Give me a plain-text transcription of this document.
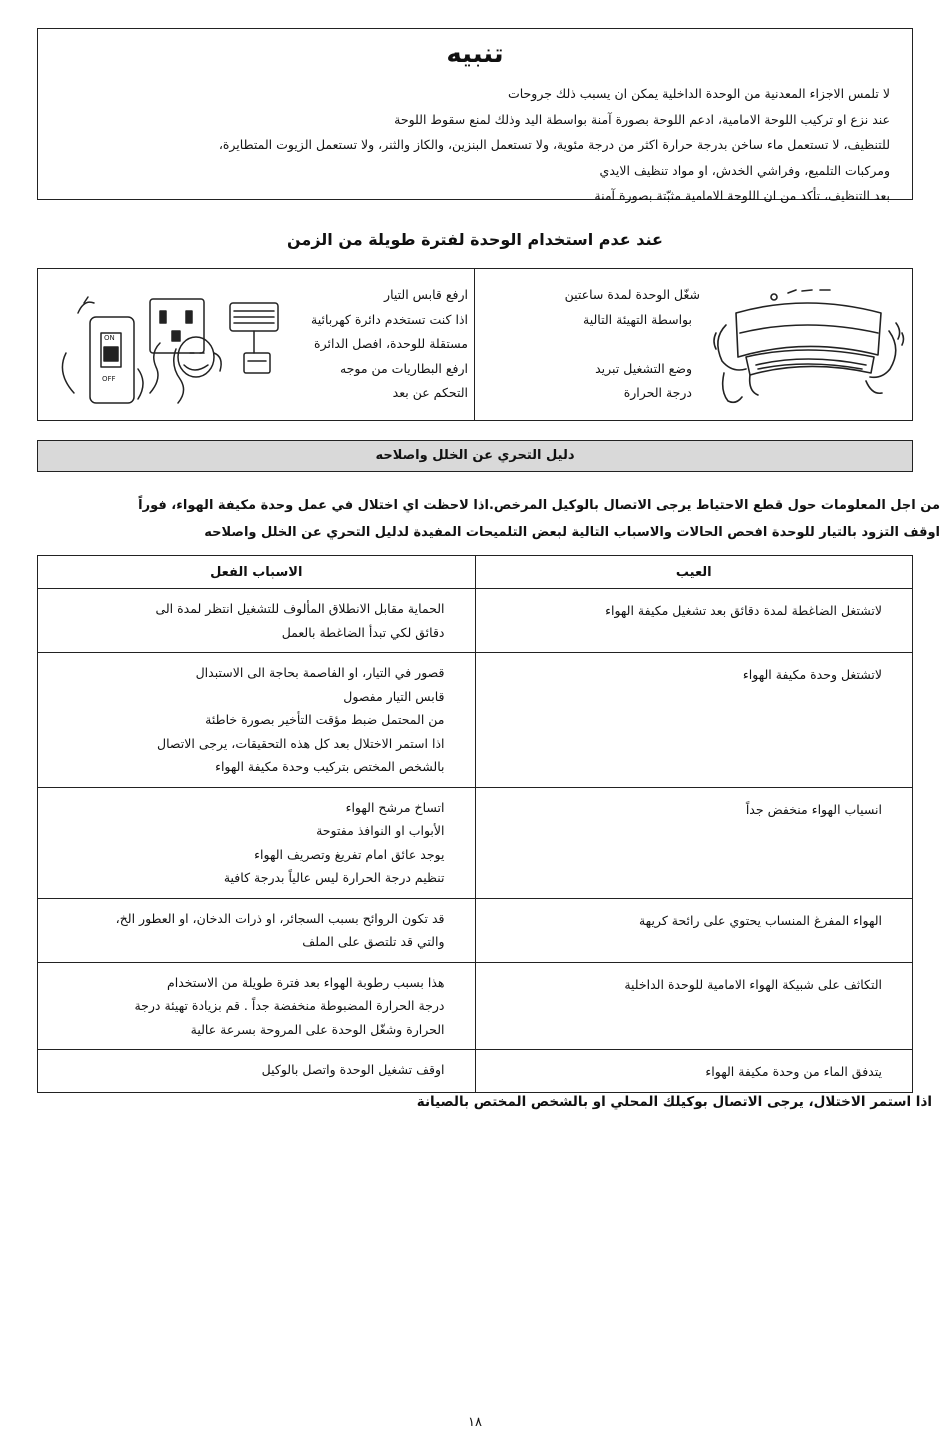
تنبيه
لا تلمس الاجزاء المعدنية من الوحدة الداخلية يمكن ان يسبب ذلك جروحات
عند نزع او تركيب اللوحة الامامية، ادعم اللوحة بصورة آمنة بواسطة اليد وذلك لمنع سقوط اللوحة
للتنظيف، لا تستعمل ماء ساخن بدرجة حرارة اكثر من درجة مئوية، ولا تستعمل البنزين، والكاز والثنر، ولا تستعمل الزيوت المتطايرة،
ومركبات التلميع، وفراشي الخدش، او مواد تنظيف الايدي
بعد التنظيف، تأكد من ان اللوحة الامامية مثبّتة بصورة آمنة
عند عدم استخدام الوحدة لفترة طويلة من الزمن
شغّل الوحدة لمدة ساعتين
بواسطة التهيئة التالية
وضع التشغيل تبريد
درجة الحرارة
ON
OFF
ارفع قابس التيار
اذا كنت تستخدم دائرة كهربائية
مستقلة للوحدة، افصل الدائرة
ارفع البطاريات من موجه
التحكم عن بعد
دليل التحري عن الخلل واصلاحه
من اجل المعلومات حول قطع الاحتياط يرجى الاتصال بالوكيل المرخص.اذا لاحظت اي اختلال في عمل وحدة مكيفة الهواء، فوراً
اوقف التزود بالتيار للوحدة افحص الحالات والاسباب التالية لبعض التلميحات المفيدة لدليل التحري عن الخلل واصلاحه
العيب	الاسباب الفعل
لاتشتغل الضاغطة لمدة دقائق بعد تشغيل مكيفة الهواء	الحماية مقابل الانطلاق المألوف للتشغيل انتظر لمدة الى
دقائق لكي تبدأ الضاغطة بالعمل

لاتشتغل وحدة مكيفة الهواء	قصور في التيار، او الفاصمة بحاجة الى الاستبدال
قابس التيار مفصول
من المحتمل ضبط مؤقت التأخير بصورة خاطئة
اذا استمر الاختلال بعد كل هذه التحقيقات، يرجى الاتصال
بالشخص المختص بتركيب وحدة مكيفة الهواء

انسياب الهواء منخفض جداً	اتساخ مرشح الهواء
الأبواب او النوافذ مفتوحة
يوجد عائق امام تفريغ وتصريف الهواء
تنظيم درجة الحرارة ليس عالياً بدرجة كافية

الهواء المفرغ المنساب يحتوي على رائحة كريهة	قد تكون الروائح بسبب السجائر، او ذرات الدخان، او العطور الخ،
والتي قد تلتصق على الملف

التكاثف على شبيكة الهواء الامامية للوحدة الداخلية	هذا بسبب رطوبة الهواء بعد فترة طويلة من الاستخدام
درجة الحرارة المضبوطة منخفضة جداً . قم بزيادة تهيئة درجة
الحرارة وشغّل الوحدة على المروحة بسرعة عالية

يتدفق الماء من وحدة مكيفة الهواء	اوقف تشغيل الوحدة واتصل بالوكيل
اذا استمر الاختلال، يرجى الاتصال بوكيلك المحلي او بالشخص المختص بالصيانة
١٨
